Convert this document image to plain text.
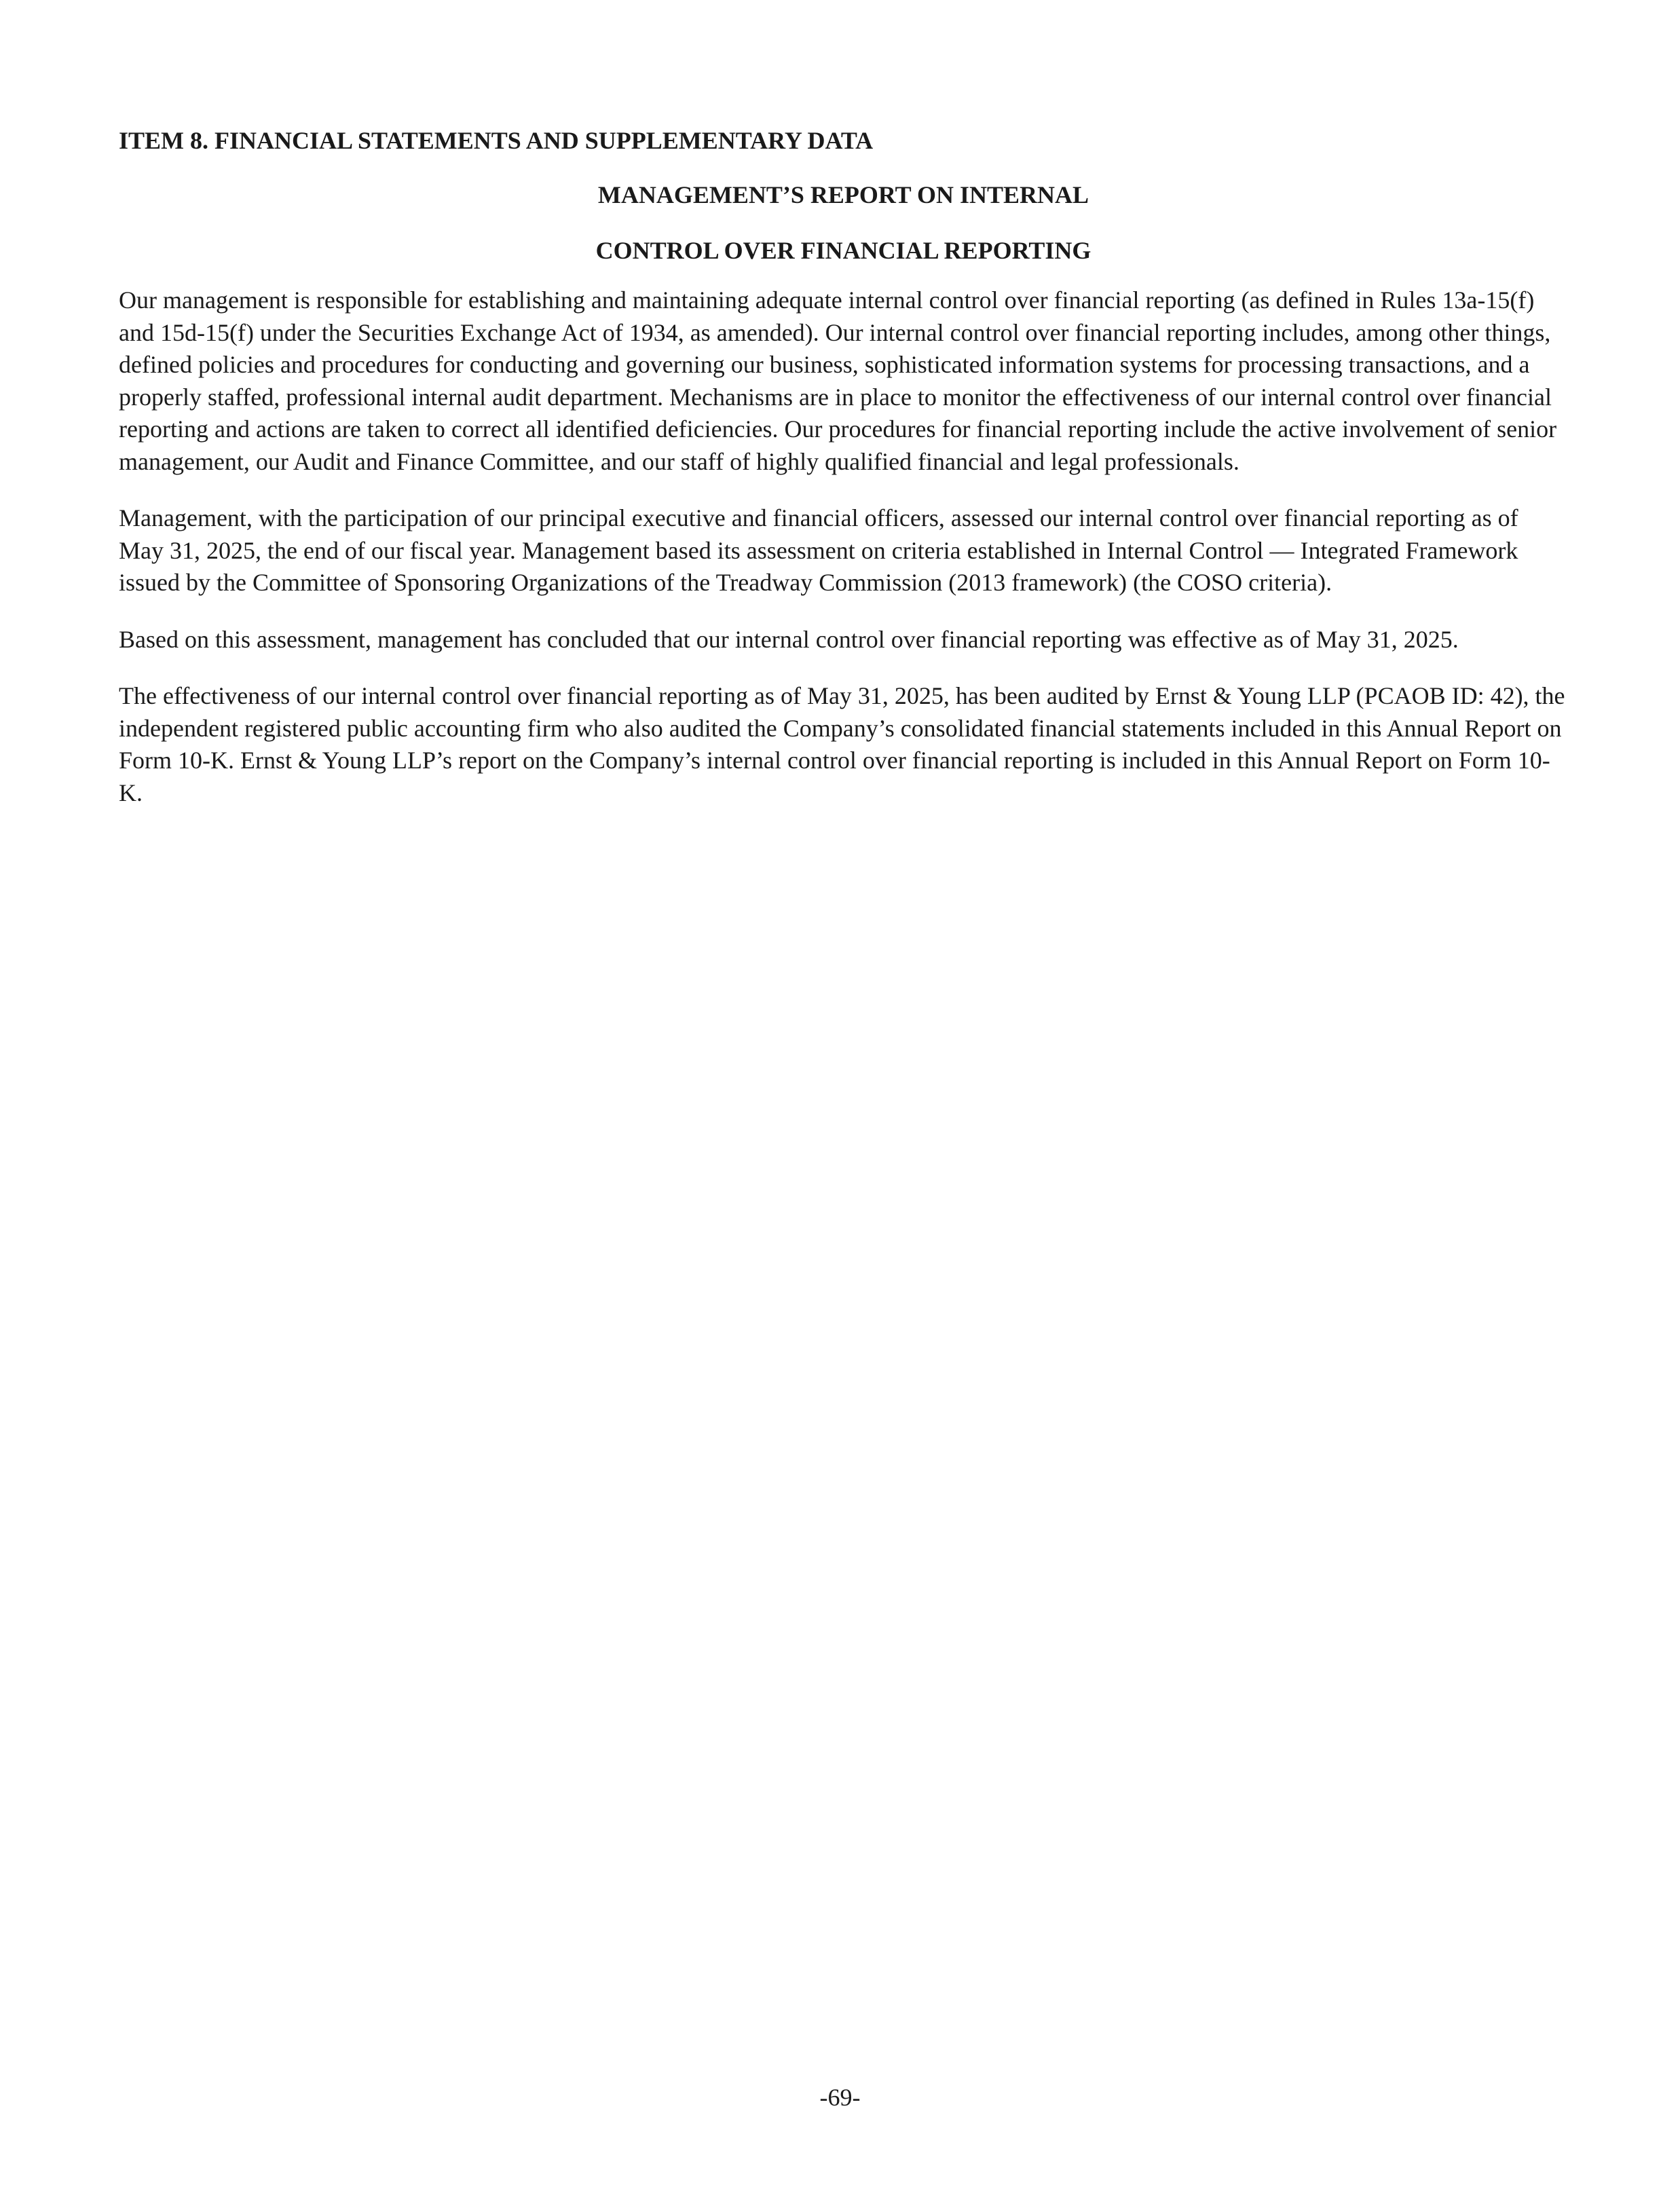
ITEM 8. FINANCIAL STATEMENTS AND SUPPLEMENTARY DATA
MANAGEMENT’S REPORT ON INTERNAL
CONTROL OVER FINANCIAL REPORTING

Our management is responsible for establishing and maintaining adequate internal control over financial reporting (as defined in Rules 13a-15(f) and 15d-15(f) under the Securities Exchange Act of 1934, as amended). Our internal control over financial reporting includes, among other things, defined policies and procedures for conducting and governing our business, sophisticated information systems for processing transactions, and a properly staffed, professional internal audit department. Mechanisms are in place to monitor the effectiveness of our internal control over financial reporting and actions are taken to correct all identified deficiencies. Our procedures for financial reporting include the active involvement of senior management, our Audit and Finance Committee, and our staff of highly qualified financial and legal professionals.

Management, with the participation of our principal executive and financial officers, assessed our internal control over financial reporting as of May 31, 2025, the end of our fiscal year. Management based its assessment on criteria established in Internal Control — Integrated Framework issued by the Committee of Sponsoring Organizations of the Treadway Commission (2013 framework) (the COSO criteria).

Based on this assessment, management has concluded that our internal control over financial reporting was effective as of May 31, 2025.

The effectiveness of our internal control over financial reporting as of May 31, 2025, has been audited by Ernst & Young LLP (PCAOB ID: 42), the independent registered public accounting firm who also audited the Company’s consolidated financial statements included in this Annual Report on Form 10-K. Ernst & Young LLP’s report on the Company’s internal control over financial reporting is included in this Annual Report on Form 10-K.

-69-
